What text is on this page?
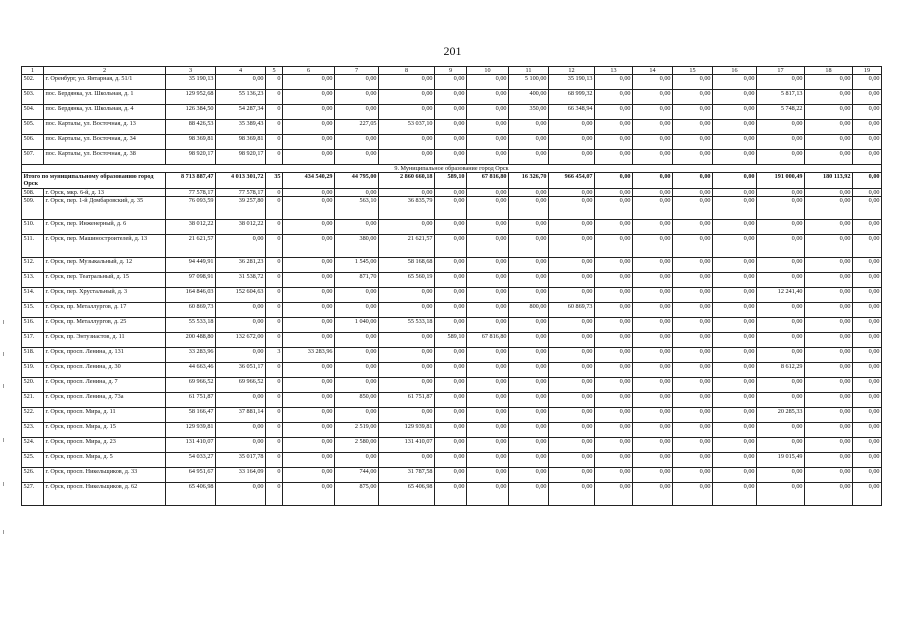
201
1	2	3	4	5	6	7	8	9	10	11	12	13	14	15	16	17	18	19
502.	г. Оренбург, ул. Янтарная, д. 51/1	35 190,13	0,00	0	0,00	0,00	0,00	0,00	0,00	5 100,00	35 190,13	0,00	0,00	0,00	0,00	0,00	0,00	0,00
503.	пос. Бердянка, ул. Школьная, д. 1	129 952,68	55 136,23	0	0,00	0,00	0,00	0,00	0,00	400,00	68 999,32	0,00	0,00	0,00	0,00	5 817,13	0,00	0,00
504.	пос. Бердянка, ул. Школьная, д. 4	126 384,50	54 287,34	0	0,00	0,00	0,00	0,00	0,00	350,00	66 348,94	0,00	0,00	0,00	0,00	5 748,22	0,00	0,00
505.	пос. Карталы, ул. Восточная, д. 13	88 426,53	35 389,43	0	0,00	227,05	53 037,10	0,00	0,00	0,00	0,00	0,00	0,00	0,00	0,00	0,00	0,00	0,00
506.	пос. Карталы, ул. Восточная, д. 34	98 369,81	98 369,81	0	0,00	0,00	0,00	0,00	0,00	0,00	0,00	0,00	0,00	0,00	0,00	0,00	0,00	0,00
507.	пос. Карталы, ул. Восточная, д. 38	98 920,17	98 920,17	0	0,00	0,00	0,00	0,00	0,00	0,00	0,00	0,00	0,00	0,00	0,00	0,00	0,00	0,00
9. Муниципальное образование город Орск																		
Итого по муниципальному образованию город Орск		8 713 887,47	4 013 301,72	35	434 540,29	44 795,00	2 860 660,18	589,10	67 816,80	16 326,70	966 454,07	0,00	0,00	0,00	0,00	191 000,49	180 113,92	0,00
508.	г. Орск, мкр. 6-й, д. 13	77 578,17	77 578,17	0	0,00	0,00	0,00	0,00	0,00	0,00	0,00	0,00	0,00	0,00	0,00	0,00	0,00	0,00
509.	г. Орск, пер. 1-й Домбаровский, д. 35	76 093,59	39 257,80	0	0,00	563,10	36 835,79	0,00	0,00	0,00	0,00	0,00	0,00	0,00	0,00	0,00	0,00	0,00
510.	г. Орск, пер. Инженерный, д. 6	38 012,22	38 012,22	0	0,00	0,00	0,00	0,00	0,00	0,00	0,00	0,00	0,00	0,00	0,00	0,00	0,00	0,00
511.	г. Орск, пер. Машиностроителей, д. 13	21 621,57	0,00	0	0,00	380,00	21 621,57	0,00	0,00	0,00	0,00	0,00	0,00	0,00	0,00	0,00	0,00	0,00
512.	г. Орск, пер. Музыкальный, д. 12	94 449,91	36 281,23	0	0,00	1 545,00	58 168,68	0,00	0,00	0,00	0,00	0,00	0,00	0,00	0,00	0,00	0,00	0,00
513.	г. Орск, пер. Театральный, д. 15	97 098,91	31 538,72	0	0,00	871,70	65 560,19	0,00	0,00	0,00	0,00	0,00	0,00	0,00	0,00	0,00	0,00	0,00
514.	г. Орск, пер. Хрустальный, д. 3	164 846,03	152 604,63	0	0,00	0,00	0,00	0,00	0,00	0,00	0,00	0,00	0,00	0,00	0,00	12 241,40	0,00	0,00
515.	г. Орск, пр. Металлургов, д. 17	60 869,73	0,00	0	0,00	0,00	0,00	0,00	0,00	800,00	60 869,73	0,00	0,00	0,00	0,00	0,00	0,00	0,00
516.	г. Орск, пр. Металлургов, д. 25	55 533,18	0,00	0	0,00	1 040,00	55 533,18	0,00	0,00	0,00	0,00	0,00	0,00	0,00	0,00	0,00	0,00	0,00
517.	г. Орск, пр. Энтузиастов, д. 11	200 488,80	132 672,00	0	0,00	0,00	0,00	589,10	67 816,80	0,00	0,00	0,00	0,00	0,00	0,00	0,00	0,00	0,00
518.	г. Орск, просп. Ленина, д. 131	33 283,96	0,00	3	33 283,96	0,00	0,00	0,00	0,00	0,00	0,00	0,00	0,00	0,00	0,00	0,00	0,00	0,00
519.	г. Орск, просп. Ленина, д. 30	44 663,46	36 051,17	0	0,00	0,00	0,00	0,00	0,00	0,00	0,00	0,00	0,00	0,00	0,00	8 612,29	0,00	0,00
520.	г. Орск, просп. Ленина, д. 7	69 966,52	69 966,52	0	0,00	0,00	0,00	0,00	0,00	0,00	0,00	0,00	0,00	0,00	0,00	0,00	0,00	0,00
521.	г. Орск, просп. Ленина, д. 73а	61 751,87	0,00	0	0,00	850,00	61 751,87	0,00	0,00	0,00	0,00	0,00	0,00	0,00	0,00	0,00	0,00	0,00
522.	г. Орск, просп. Мира, д. 11	58 166,47	37 881,14	0	0,00	0,00	0,00	0,00	0,00	0,00	0,00	0,00	0,00	0,00	0,00	20 285,33	0,00	0,00
523.	г. Орск, просп. Мира, д. 15	129 939,81	0,00	0	0,00	2 519,00	129 939,81	0,00	0,00	0,00	0,00	0,00	0,00	0,00	0,00	0,00	0,00	0,00
524.	г. Орск, просп. Мира, д. 23	131 410,07	0,00	0	0,00	2 580,00	131 410,07	0,00	0,00	0,00	0,00	0,00	0,00	0,00	0,00	0,00	0,00	0,00
525.	г. Орск, просп. Мира, д. 5	54 033,27	35 017,78	0	0,00	0,00	0,00	0,00	0,00	0,00	0,00	0,00	0,00	0,00	0,00	19 015,49	0,00	0,00
526.	г. Орск, просп. Никельщиков, д. 33	64 951,67	33 164,09	0	0,00	744,00	31 787,58	0,00	0,00	0,00	0,00	0,00	0,00	0,00	0,00	0,00	0,00	0,00
527.	г. Орск, просп. Никельщиков, д. 62	65 406,98	0,00	0	0,00	875,00	65 406,98	0,00	0,00	0,00	0,00	0,00	0,00	0,00	0,00	0,00	0,00	0,00
